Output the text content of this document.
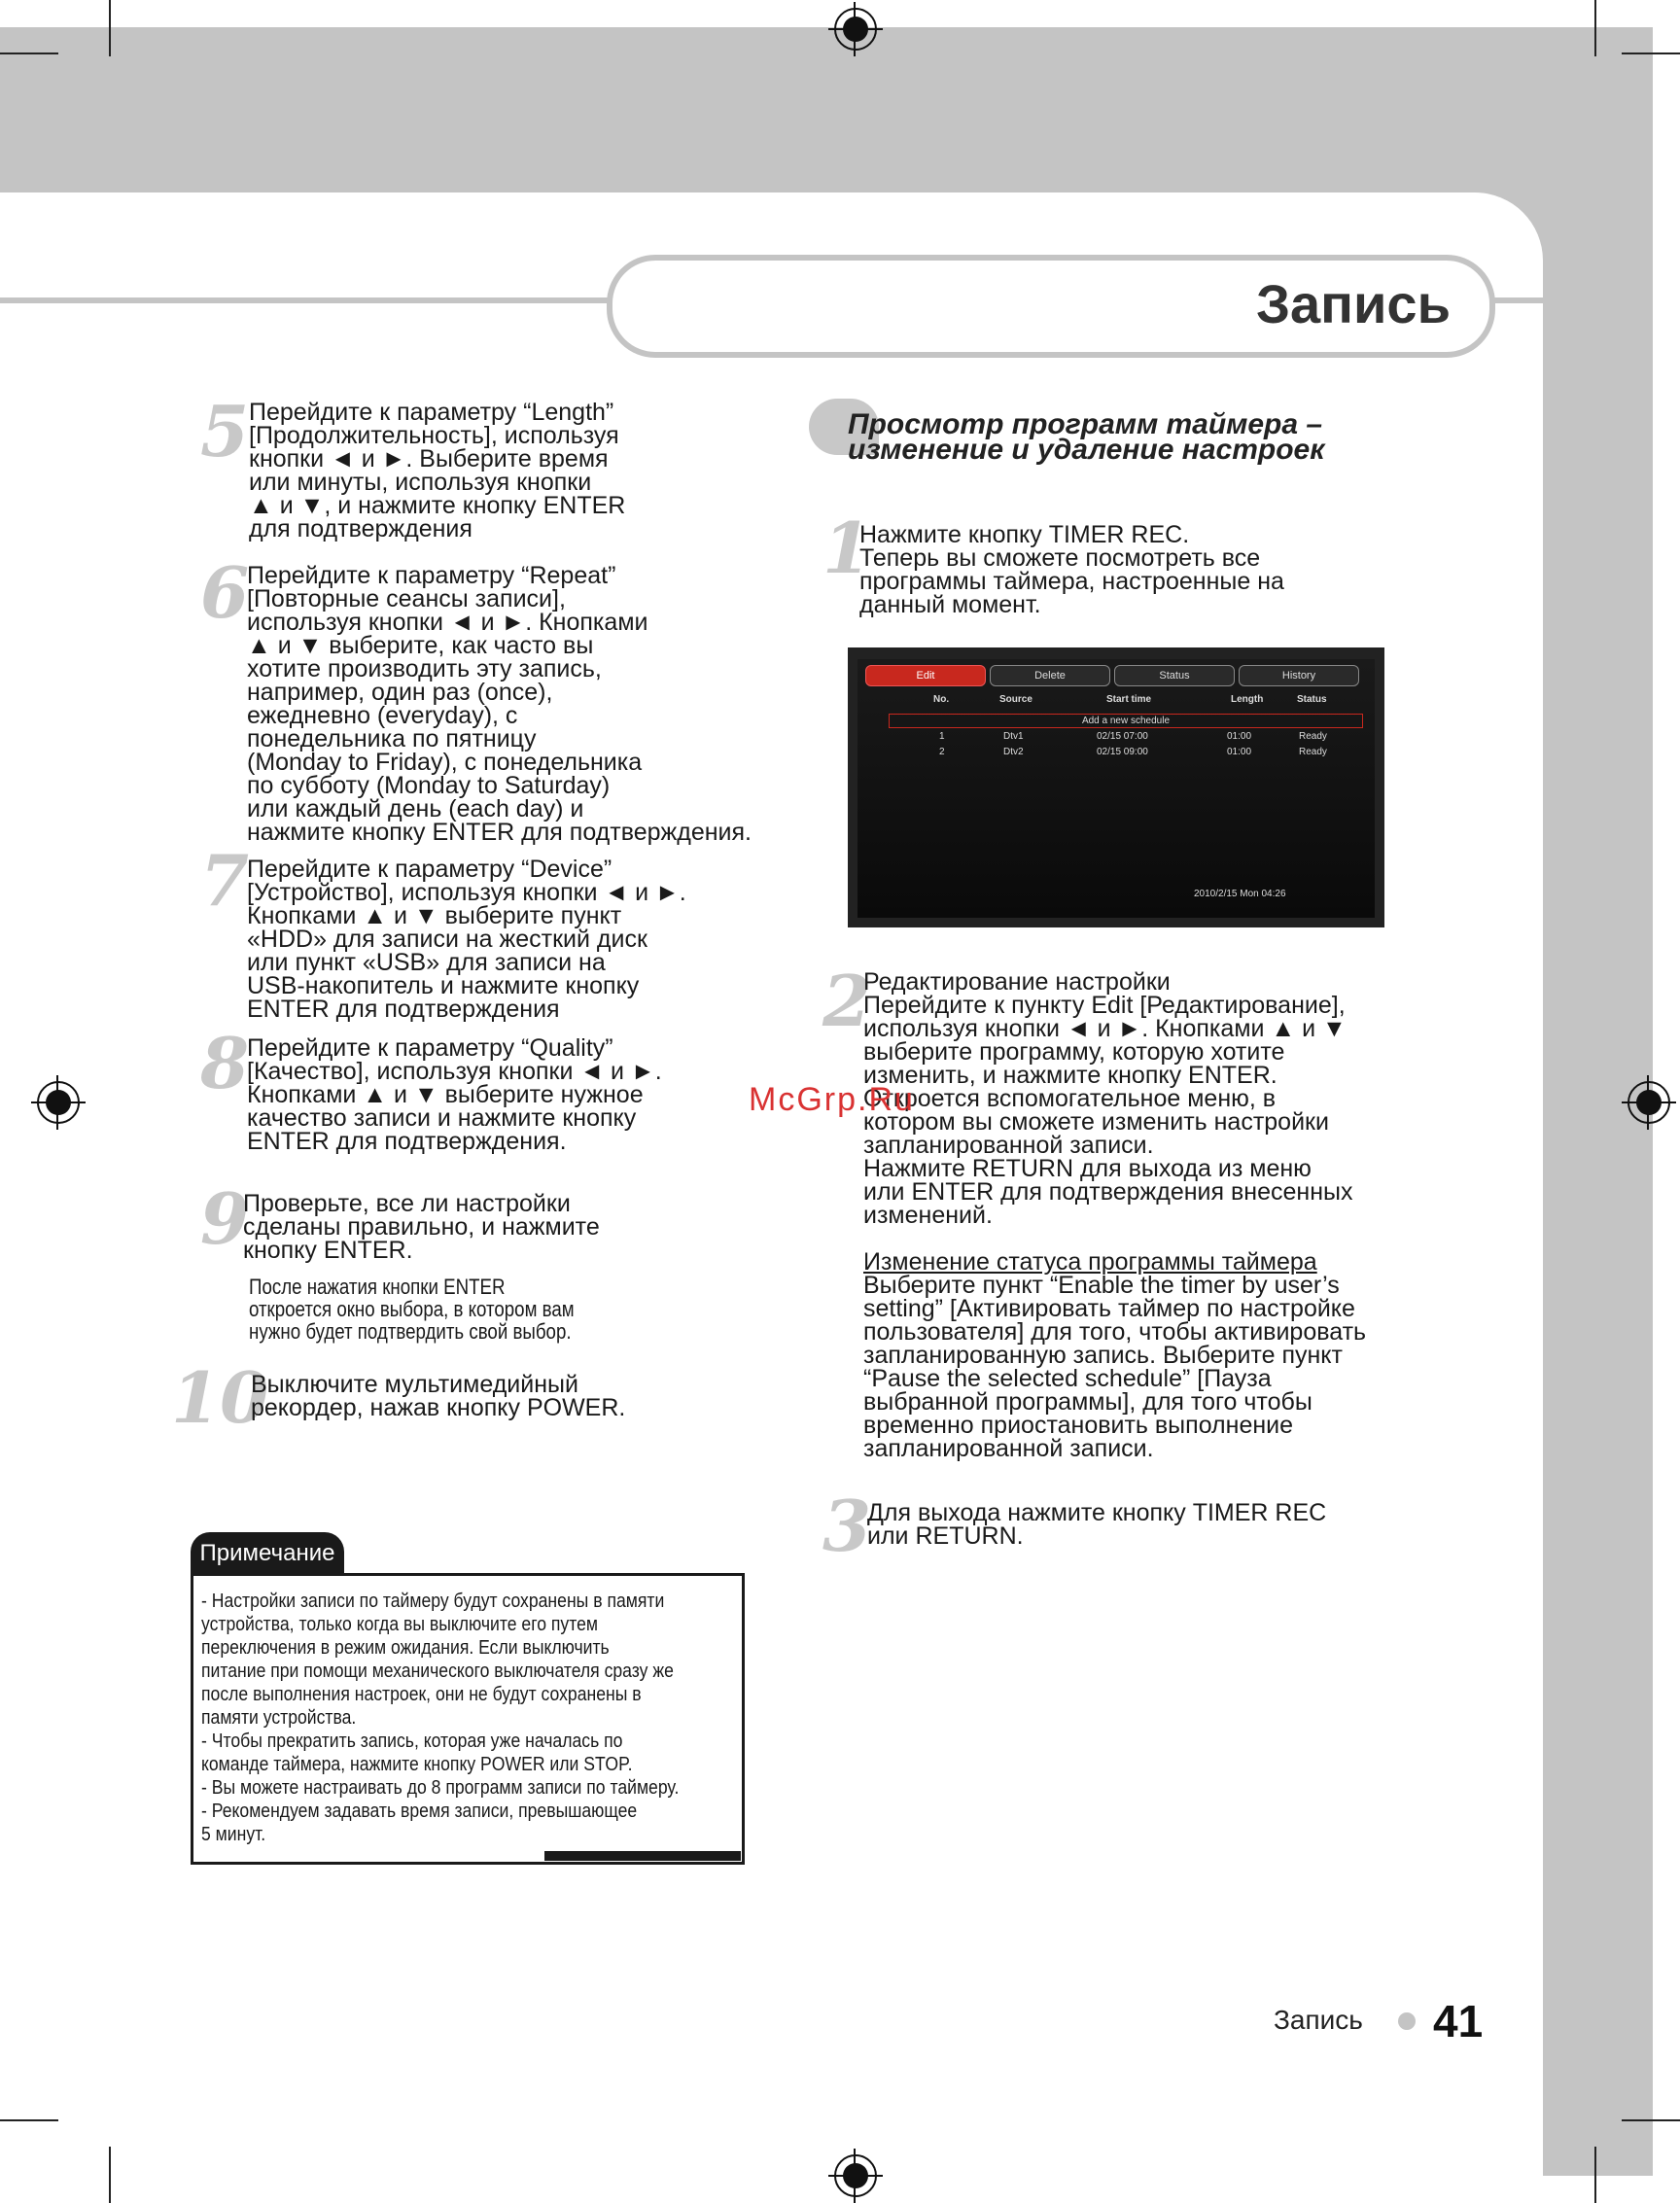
Запись
5 Перейдите к параметру “Length”
[Продолжительность], используя
кнопки ◄ и ►. Выберите время
или минуты, используя кнопки
▲ и ▼, и нажмите кнопку ENTER
для подтверждения
6
Перейдите к параметру “Repeat”
[Повторные сеансы записи],
используя кнопки ◄ и ►. Кнопками
▲ и ▼ выберите, как часто вы
хотите производить эту запись,
например, один раз (once),
ежедневно (everyday), с
понедельника по пятницу
(Monday to Friday), с понедельника
по субботу (Monday to Saturday)
или каждый день (each day) и
нажмите кнопку ENTER для подтверждения.
7
Перейдите к параметру “Device”
[Устройство], используя кнопки ◄ и ►.
Кнопками ▲ и ▼ выберите пункт
«HDD» для записи на жесткий диск
или пункт «USB» для записи на
USB-накопитель и нажмите кнопку
ENTER для подтверждения
8
Перейдите к параметру “Quality”
[Качество], используя кнопки ◄ и ►.
Кнопками ▲ и ▼ выберите нужное
качество записи и нажмите кнопку
ENTER для подтверждения.
9
Проверьте, все ли настройки
сделаны правильно, и нажмите
кнопку ENTER.
После нажатия кнопки ENTER
откроется окно выбора, в котором вам
нужно будет подтвердить свой выбор.
10
Выключите мультимедийный
рекордер, нажав кнопку POWER.
Примечание
- Настройки записи по таймеру будут сохранены в памяти
устройства, только когда вы выключите его путем
переключения в режим ожидания. Если выключить
питание при помощи механического выключателя сразу же
после выполнения настроек, они не будут сохранены в
памяти устройства.
- Чтобы прекратить запись, которая уже началась по
команде таймера, нажмите кнопку POWER или STOP.
- Вы можете настраивать до 8 программ записи по таймеру.
- Рекомендуем задавать время записи, превышающее
5 минут.
Просмотр программ таймера –
изменение и удаление настроек
1
Нажмите кнопку TIMER REC.
Теперь вы сможете посмотреть все
программы таймера, настроенные на
данный момент.
2
Редактирование настройки
Перейдите к пункту Edit [Редактирование],
используя кнопки ◄ и ►. Кнопками ▲ и ▼
выберите программу, которую хотите
изменить, и нажмите кнопку ENTER.
Откроется вспомогательное меню, в
котором вы сможете изменить настройки
запланированной записи.
Нажмите RETURN для выхода из меню
или ENTER для подтверждения внесенных
изменений.
Изменение статуса программы таймера
Выберите пункт “Enable the timer by user’s
setting” [Активировать таймер по настройке
пользователя] для того, чтобы активировать
запланированную запись. Выберите пункт
“Pause the selected schedule” [Пауза
выбранной программы], для того чтобы
временно приостановить выполнение
запланированной записи.
3
Для выхода нажмите кнопку TIMER REC
или RETURN.
Edit	Delete	Status	History
No.	Source	Start time	Length	Status
Add a new schedule
1	Dtv1	02/15 07:00	01:00	Ready
2	Dtv2	02/15 09:00	01:00	Ready
2010/2/15 Mon 04:26
McGrp.Ru
Запись 41
